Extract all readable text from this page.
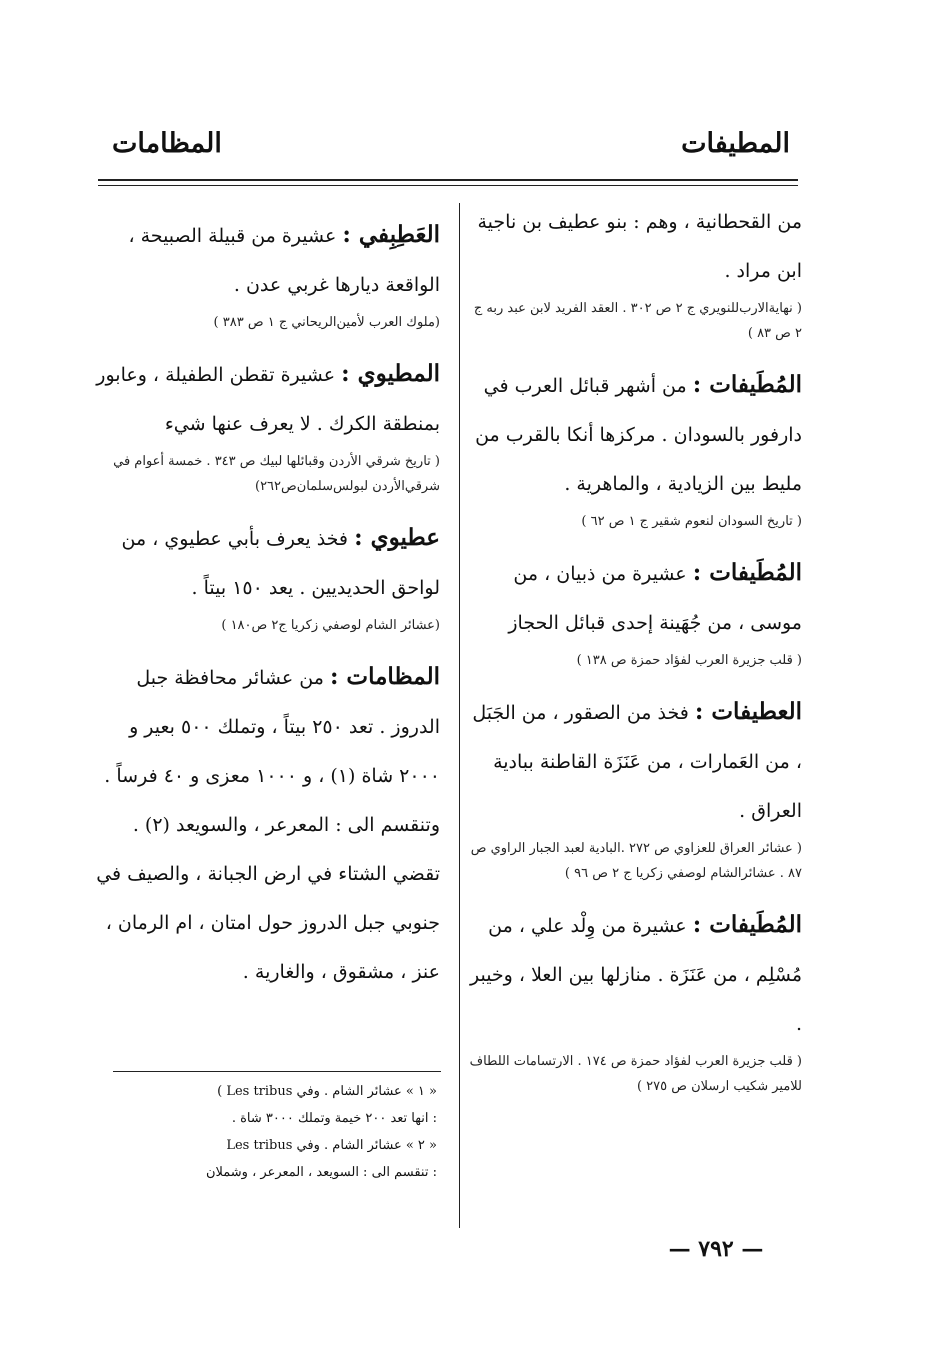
المطيفات
المظامات

من القحطانية ، وهم : بنو عطيف بن ناجية ابن مراد .

( نهايةالارب‌للنويري ج ٢ ص ٣٠٢ . العقد الفريد لابن عبد ربه ج ٢ ص ٨٣ )

المُطَيفات : من أشهر قبائل العرب في دارفور بالسودان . مركزها أنكا بالقرب من مليط بين الزيادية ، والماهرية .

( تاريخ السودان لنعوم شقير ج ١ ص ٦٢ )

المُطَيفات : عشيرة من ذبيان ، من موسى ، من جُهَينة إحدى قبائل الحجاز

( قلب جزيرة العرب لفؤاد حمزة ص ١٣٨ )

العطيفات : فخذ من الصقور ، من الجَبَل ، من العَمارات ، من عَنَزَة القاطنة ببادية العراق .

( عشائر العراق للعزاوي ص ٢٧٢ .البادية لعبد الجبار الراوي ص ٨٧ . عشائرالشام لوصفي زكريا ج ٢ ص ٩٦ )

المُطَيفات : عشيرة من وِلْد علي ، من مُسْلِم ، من عَنَزَة . منازلها بين العلا ، وخيبر .

( قلب جزيرة العرب لفؤاد حمزة ص ١٧٤ . الارتسامات اللطاف للامير شكيب ارسلان ص ٢٧٥ )

العَطِبِفي : عشيرة من قبيلة الصبيحة ، الواقعة ديارها غربي عدن .

(ملوك العرب لأمين‌الريحاني ج ١ ص ٣٨٣ )

المطيوي : عشيرة تقطن الطفيلة ، وعابور بمنطقة الكرك . لا يعرف عنها شيء

( تاريخ شرقي الأردن وقبائلها لبيك ص ٣٤٣ . خمسة أعوام في شرقي‌الأردن لبولس‌سلمان‌ص٢٦٢)

عطيوي : فخذ يعرف بأبي عطيوي ، من لواحق الحديديين . يعد ١٥٠ بيتاً .

(عشائر الشام لوصفي زكريا ج٢ ص١٨٠ )

المظامات : من عشائر محافظة جبل الدروز . تعد ٢٥٠ بيتاً ، وتملك ٥٠٠ بعير و ٢٠٠٠ شاة (١) ، و ١٠٠٠ معزى و ٤٠ فرساً . وتنقسم الى : المعرعر ، والسويعد (٢) . تقضي الشتاء في ارض الجبانة ، والصيف في جنوبي جبل الدروز حول امتان ، ام الرمان ، عنز ، مشقوق ، والغارية .

« ١ » عشائر الشام . وفي Les tribus )

: انها تعد ٢٠٠ خيمة وتملك ٣٠٠٠ شاة .

« ٢ » عشائر الشام . وفي Les tribus

: تنقسم الى : السويعد ، المعرعر ، وشملان

— ٧٩٢ —
